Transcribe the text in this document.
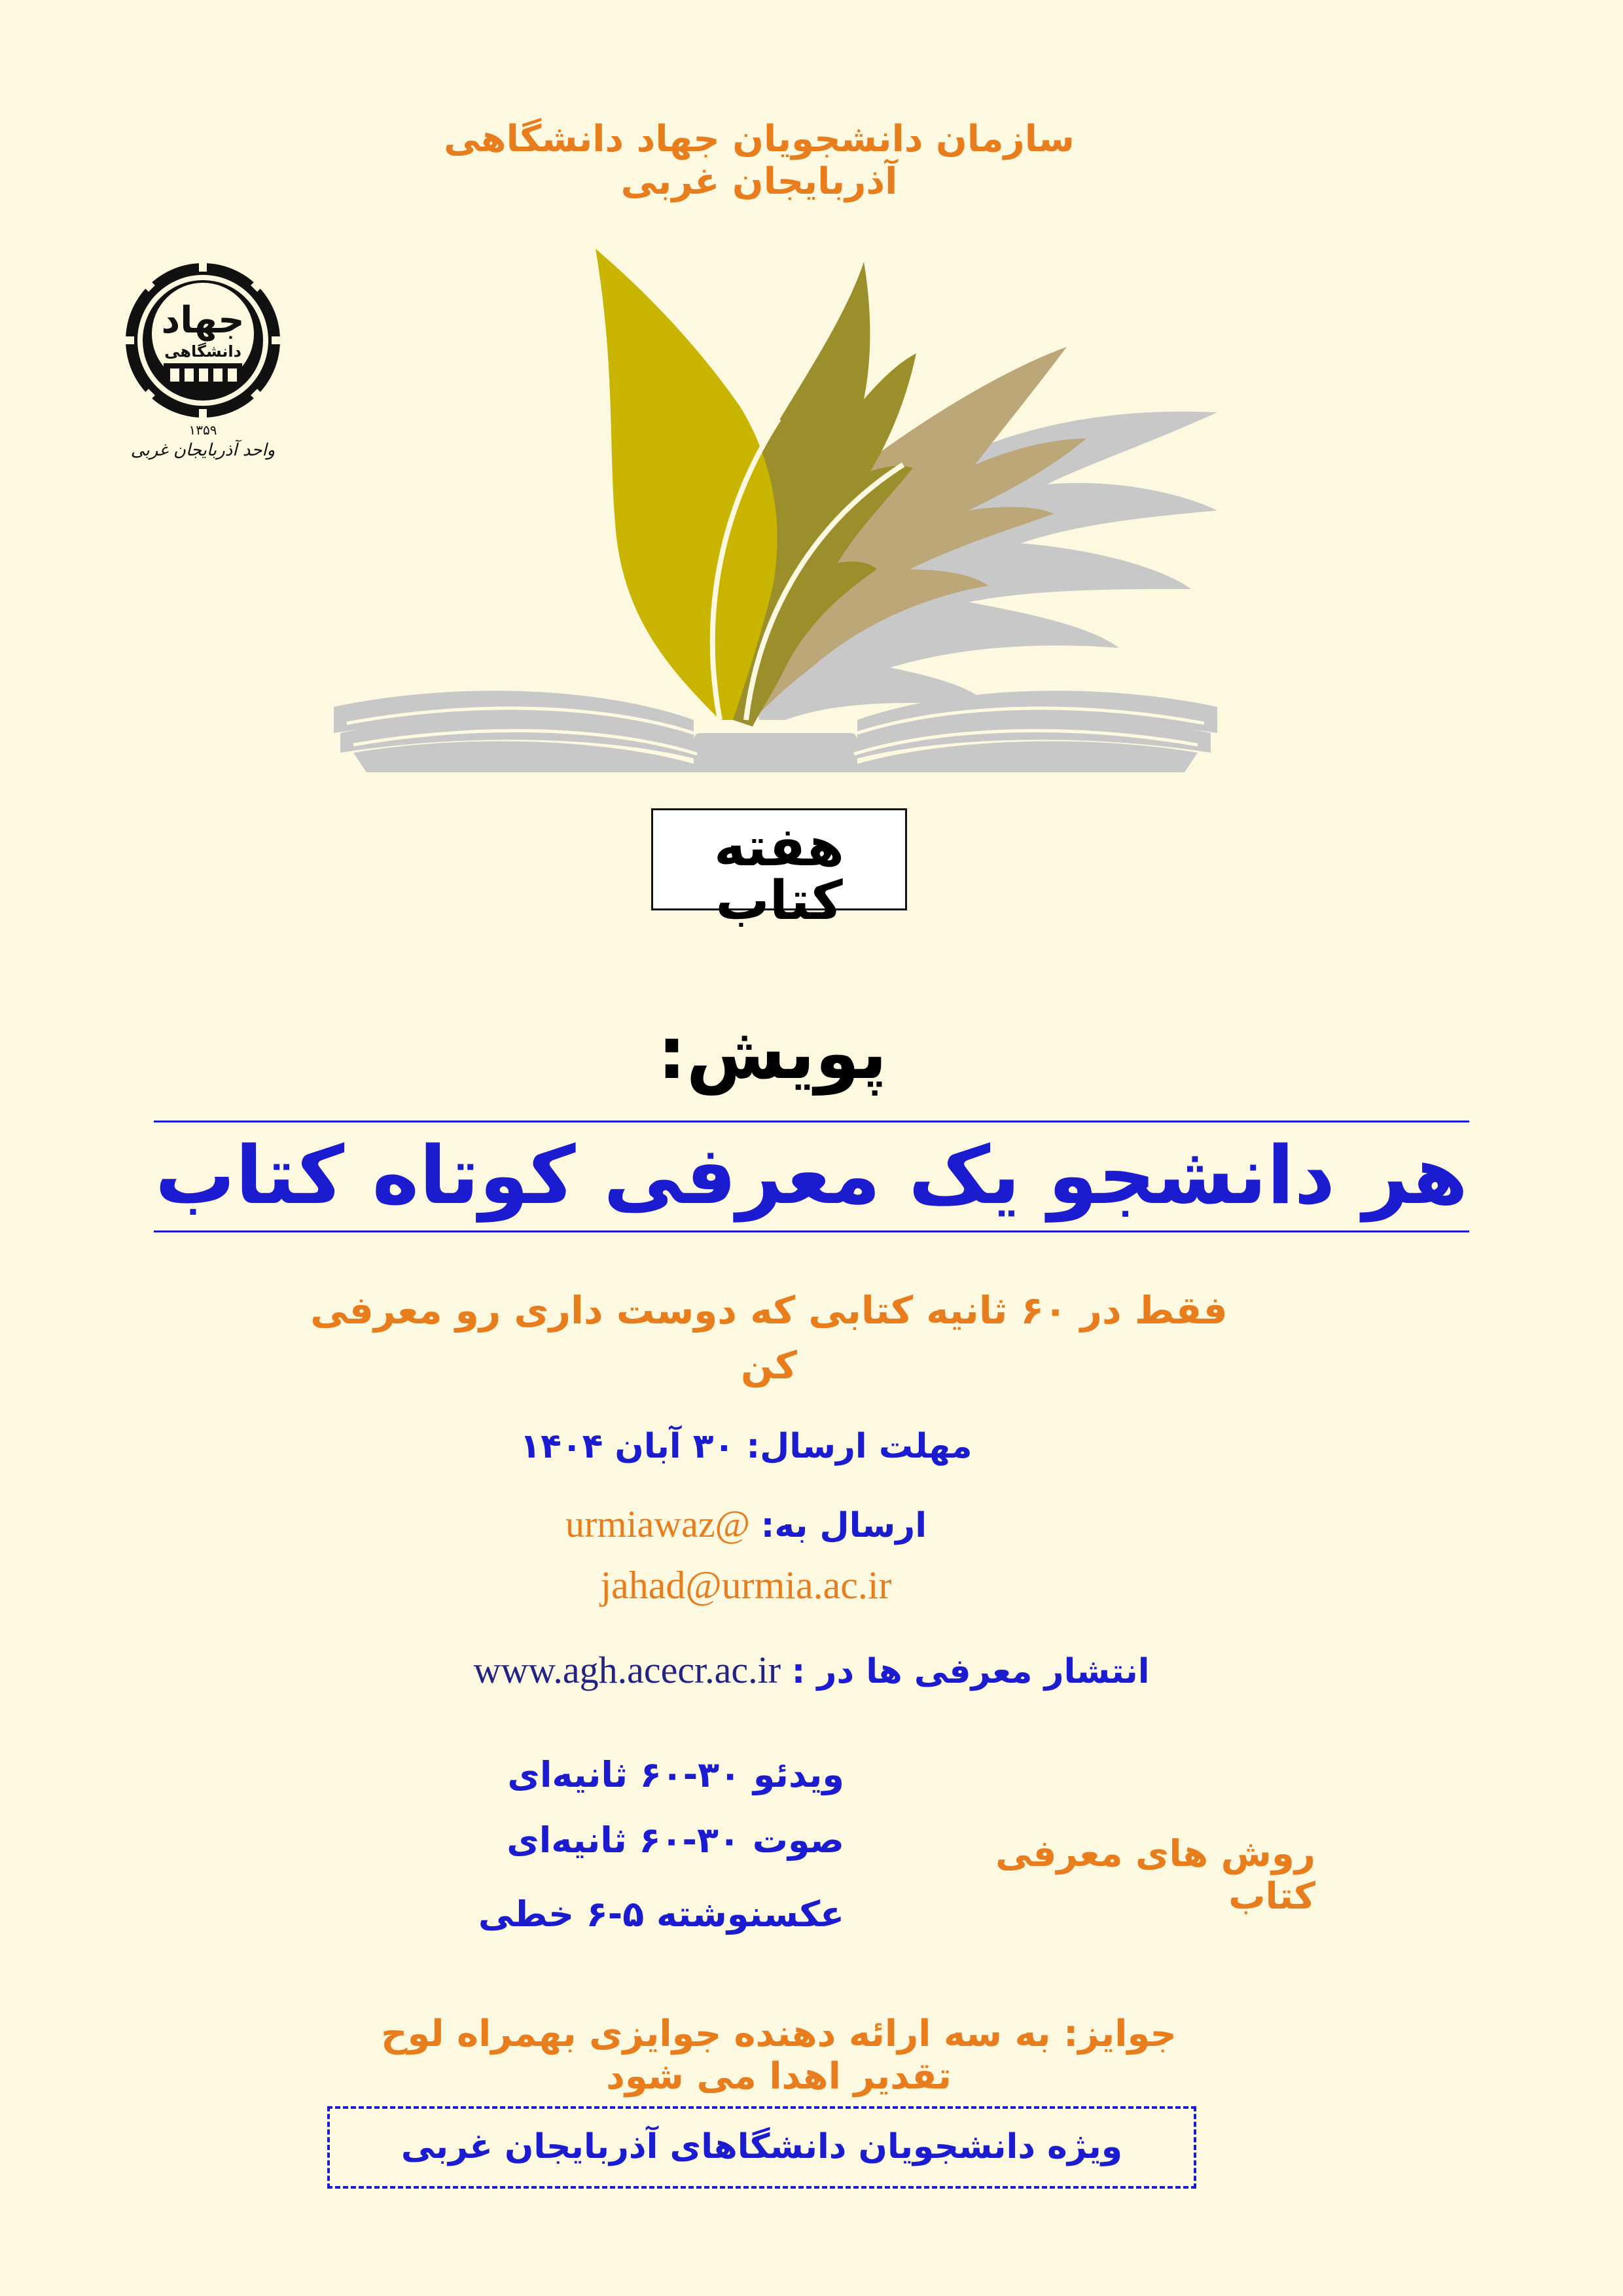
سازمان دانشجویان جهاد دانشگاهی آذربایجان غربی
جهاد
دانشگاهی
۱۳۵۹
واحد آذربایجان غربی
هفته کتاب
پویش:
هر دانشجو یک معرفی کوتاه کتاب
فقط در ۶۰ ثانیه کتابی که دوست داری رو معرفی کن
مهلت ارسال: ۳۰ آبان ۱۴۰۴
ارسال به: @urmiawaz
jahad@urmia.ac.ir
انتشار معرفی ها در : www.agh.acecr.ac.ir
ویدئو ۳۰-۶۰ ثانیه‌ای
صوت ۳۰-۶۰ ثانیه‌ای
عکسنوشته ۵-۶ خطی
روش های معرفی کتاب
جوایز: به سه ارائه دهنده جوایزی بهمراه لوح تقدیر اهدا می شود
ویژه دانشجویان دانشگاهای آذربایجان غربی
